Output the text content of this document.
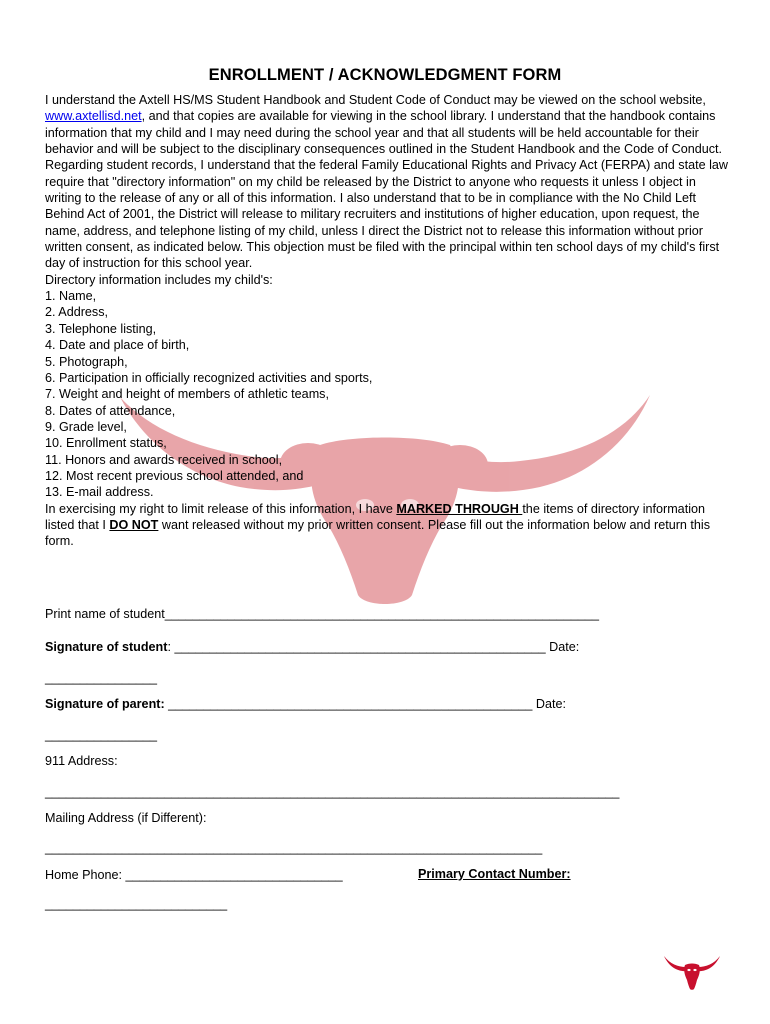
ENROLLMENT / ACKNOWLEDGMENT FORM

I understand the Axtell HS/MS Student Handbook and Student Code of Conduct may be viewed on the school website, www.axtellisd.net, and that copies are available for viewing in the school library. I understand that the handbook contains information that my child and I may need during the school year and that all students will be held accountable for their behavior and will be subject to the disciplinary consequences outlined in the Student Handbook and the Code of Conduct.

Regarding student records, I understand that the federal Family Educational Rights and Privacy Act (FERPA) and state law require that "directory information" on my child be released by the District to anyone who requests it unless I object in writing to the release of any or all of this information. I also understand that to be in compliance with the No Child Left Behind Act of 2001, the District will release to military recruiters and institutions of higher education, upon request, the name, address, and telephone listing of my child, unless I direct the District not to release this information without prior written consent, as indicated below. This objection must be filed with the principal within ten school days of my child's first day of instruction for this school year.

Directory information includes my child's:

1. Name,
2. Address,
3. Telephone listing,
4. Date and place of birth,
5. Photograph,
6. Participation in officially recognized activities and sports,
7. Weight and height of members of athletic teams,
8. Dates of attendance,
9. Grade level,
10. Enrollment status,
11. Honors and awards received in school,
12. Most recent previous school attended, and
13. E-mail address.

In exercising my right to limit release of this information, I have MARKED THROUGH the items of directory information listed that I DO NOT want released without my prior written consent. Please fill out the information below and return this form.

Print name of student______________________________________________________________
Signature of student: _____________________________________________________ Date:
________________
Signature of parent: ____________________________________________________ Date:
________________
911 Address:
__________________________________________________________________________________
Mailing Address (if Different):
_______________________________________________________________________
Home Phone: _______________________________	Primary Contact Number:
__________________________
